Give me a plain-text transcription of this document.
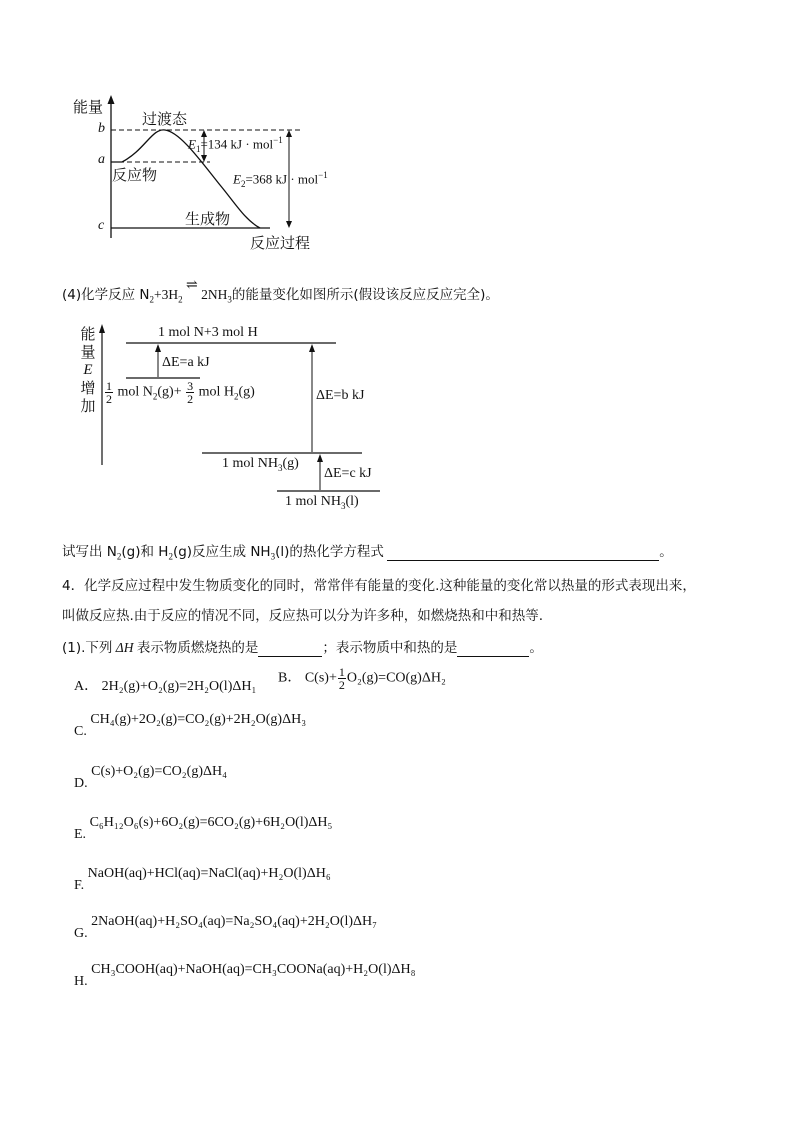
能量
b
a
c
过渡态
反应物
生成物
反应过程
$E_1=134$ kJ · mol$^{-1}$
$E_2=368$ kJ · mol$^{-1}$
(4)化学反应 $N_2+3H_2$ ⇌ $2NH_3$的能量变化如图所示(假设该反应反应完全)。
能
量
E
增
加
1 mol N+3 mol H
ΔE=a kJ
ΔE=b kJ
ΔE=c kJ
$\frac{1}{2}$ mol $N_2(g)+ \frac{3}{2}$ mol $H_2(g)$
1 mol $NH_3(g)$
1 mol $NH_3(l)$
试写出 $N_2(g)$和 $H_2(g)$反应生成 $NH_3(l)$的热化学方程式	。
4．化学反应过程中发生物质变化的同时，常常伴有能量的变化.这种能量的变化常以热量的形式表现出来，
叫做反应热.由于反应的情况不同，反应热可以分为许多种，如燃烧热和中和热等.
(1).下列 ΔH 表示物质燃烧热的是	；表示物质中和热的是	。
A． 2H₂(g)+O₂(g)=2H₂O(l)ΔH₁
B． $C(s)+ \frac{1}{2} O_2(g)=CO(g)\Delta H_2$
C. CH₄(g)+2O₂(g)=CO₂(g)+2H₂O(g)ΔH₃
D. C(s)+O₂(g)=CO₂(g)ΔH₄
E. C₆H₁₂O₆(s)+6O₂(g)=6CO₂(g)+6H₂O(l)ΔH₅
F. NaOH(aq)+HCl(aq)=NaCl(aq)+H₂O(l)ΔH₆
G. 2NaOH(aq)+H₂SO₄(aq)=Na₂SO₄(aq)+2H₂O(l)ΔH₇
H. CH₃COOH(aq)+NaOH(aq)=CH₃COONa(aq)+H₂O(l)ΔH₈
